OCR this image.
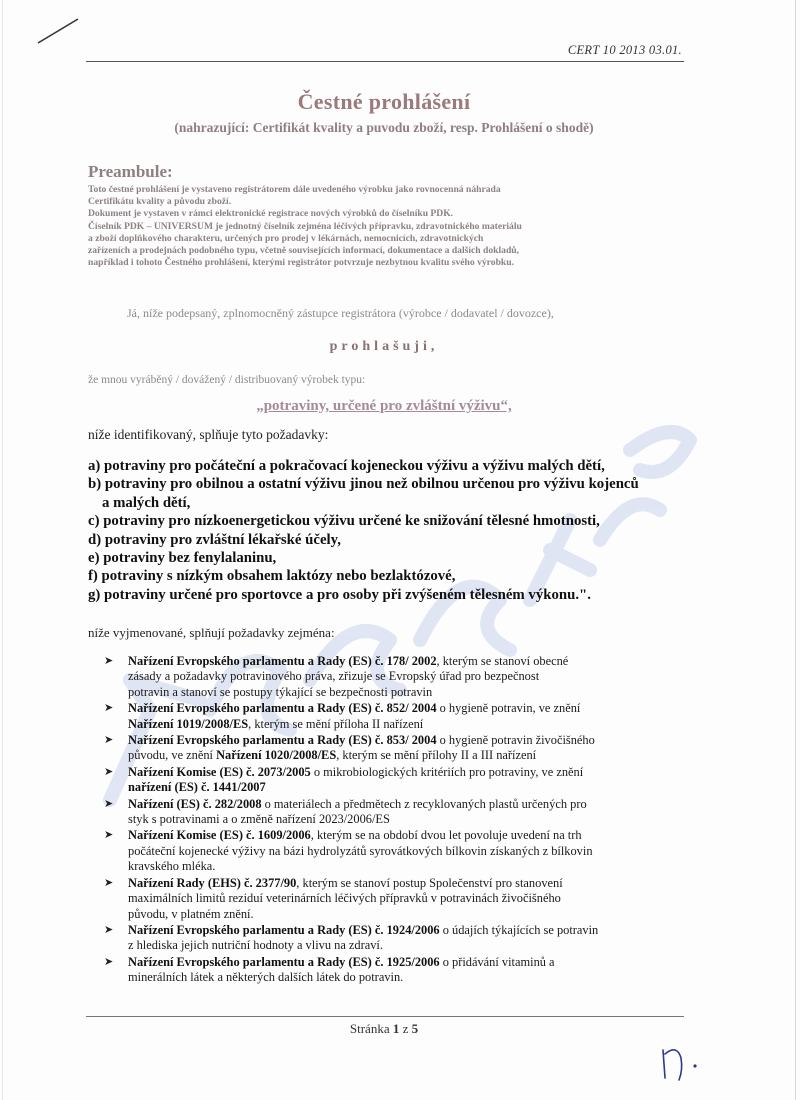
CERT 10 2013 03.01.
Čestné prohlášení
(nahrazující: Certifikát kvality a puvodu zboží, resp. Prohlášení o shodě)
Preambule:
Toto čestné prohlášení je vystaveno registrátorem dále uvedeného výrobku jako rovnocenná náhrada
Certifikátu kvality a původu zboží.
Dokument je vystaven v rámci elektronické registrace nových výrobků do číselníku PDK.
Číselník PDK – UNIVERSUM je jednotný číselník zejména léčivých přípravku, zdravotnického materiálu
a zboží doplňkového charakteru, určených pro prodej v lékárnách, nemocnicích, zdravotnických
zařízeních a prodejnách podobného typu, včetně souvisejících informací, dokumentace a dalších dokladů,
například i tohoto Čestného prohlášení, kterými registrátor potvrzuje nezbytnou kvalitu svého výrobku.
Já, níže podepsaný, zplnomocněný zástupce registrátora (výrobce / dodavatel / dovozce),
prohlašuji,
že mnou vyráběný / dovážený / distribuovaný výrobek typu:
„potraviny, určené pro zvláštní výživu“,
níže identifikovaný, splňuje tyto požadavky:
a) potraviny pro počáteční a pokračovací kojeneckou výživu a výživu malých dětí,
b) potraviny pro obilnou a ostatní výživu jinou než obilnou určenou pro výživu kojenců
a malých dětí,
c) potraviny pro nízkoenergetickou výživu určené ke snižování tělesné hmotnosti,
d) potraviny pro zvláštní lékařské účely,
e) potraviny bez fenylalaninu,
f) potraviny s nízkým obsahem laktózy nebo bezlaktózové,
g) potraviny určené pro sportovce a pro osoby při zvýšeném tělesném výkonu.".
níže vyjmenované, splňují požadavky zejména:
➤ Nařízení Evropského parlamentu a Rady (ES) č. 178/ 2002, kterým se stanoví obecné
zásady a požadavky potravinového práva, zřizuje se Evropský úřad pro bezpečnost
potravin a stanoví se postupy týkající se bezpečnosti potravin
➤ Nařízení Evropského parlamentu a Rady (ES) č. 852/ 2004 o hygieně potravin, ve znění
Nařízení 1019/2008/ES, kterým se mění příloha II nařízení
➤ Nařízení Evropského parlamentu a Rady (ES) č. 853/ 2004 o hygieně potravin živočišného
původu, ve znění Nařízení 1020/2008/ES, kterým se mění přílohy II a III nařízení
➤ Nařízení Komise (ES) č. 2073/2005 o mikrobiologických kritériích pro potraviny, ve znění
nařízení (ES) č. 1441/2007
➤ Nařízení (ES) č. 282/2008 o materiálech a předmětech z recyklovaných plastů určených pro
styk s potravinami a o změně nařízení 2023/2006/ES
➤ Nařízení Komise (ES) č. 1609/2006, kterým se na období dvou let povoluje uvedení na trh
počáteční kojenecké výživy na bázi hydrolyzátů syrovátkových bílkovin získaných z bílkovin
kravského mléka.
➤ Nařízení Rady (EHS) č. 2377/90, kterým se stanoví postup Společenství pro stanovení
maximálních limitů reziduí veterinárních léčivých přípravků v potravinách živočišného
původu, v platném znění.
➤ Nařízení Evropského parlamentu a Rady (ES) č. 1924/2006 o údajích týkajících se potravin
z hlediska jejich nutriční hodnoty a vlivu na zdraví.
➤ Nařízení Evropského parlamentu a Rady (ES) č. 1925/2006 o přidávání vitaminů a
minerálních látek a některých dalších látek do potravin.
Stránka 1 z 5
